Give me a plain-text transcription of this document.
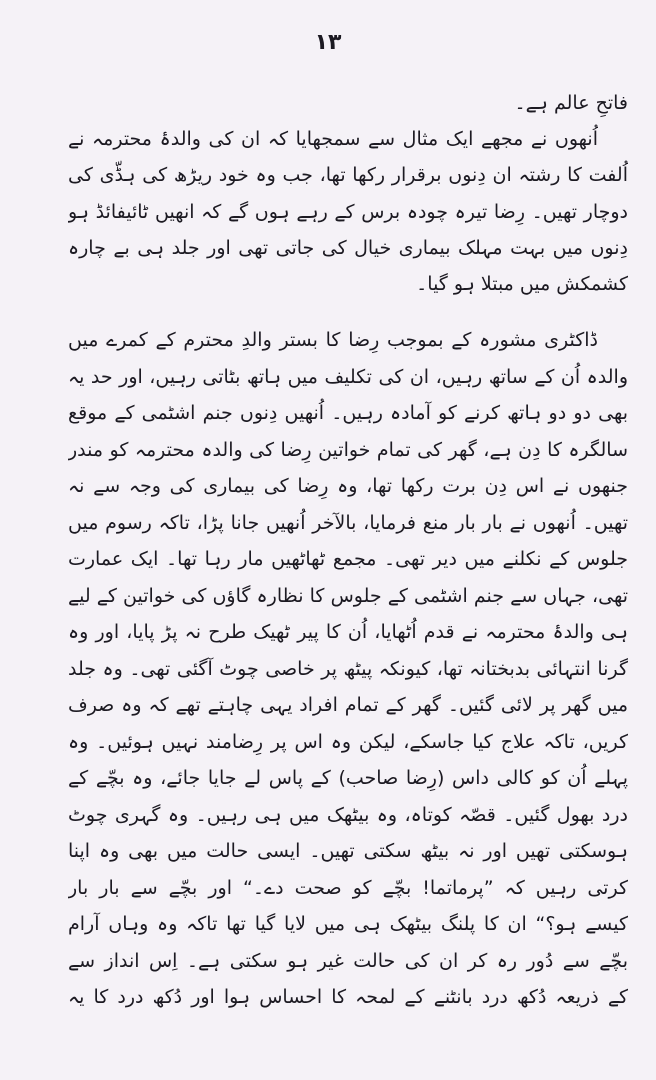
۱۳
فاتحِ عالم ہے۔
اُنھوں نے مجھے ایک مثال سے سمجھایا کہ ان کی والدۂ محترمہ نے
اُلفت کا رشتہ ان دِنوں برقرار رکھا تھا، جب وہ خود ریڑھ کی ہڈّی کی
دوچار تھیں۔ رِضا تیرہ چودہ برس کے رہے ہوں گے کہ انھیں ٹائیفائڈ ہو
دِنوں میں بہت مہلک بیماری خیال کی جاتی تھی اور جلد ہی بے چارہ
کشمکش میں مبتلا ہو گیا۔
ڈاکٹری مشورہ کے بموجب رِضا کا بستر والدِ محترم کے کمرے میں
والدہ اُن کے ساتھ رہیں، ان کی تکلیف میں ہاتھ بٹاتی رہیں، اور حد یہ
بھی دو دو ہاتھ کرنے کو آمادہ رہیں۔ اُنھیں دِنوں جنم اشٹمی کے موقع
سالگرہ کا دِن ہے، گھر کی تمام خواتین رِضا کی والدہ محترمہ کو مندر
جنھوں نے اس دِن برت رکھا تھا، وہ رِضا کی بیماری کی وجہ سے نہ
تھیں۔ اُنھوں نے بار بار منع فرمایا، بالآخر اُنھیں جانا پڑا، تاکہ رسوم میں
جلوس کے نکلنے میں دیر تھی۔ مجمع ٹھاٹھیں مار رہا تھا۔ ایک عمارت
تھی، جہاں سے جنم اشٹمی کے جلوس کا نظارہ گاؤں کی خواتین کے لیے
ہی والدۂ محترمہ نے قدم اُٹھایا، اُن کا پیر ٹھیک طرح نہ پڑ پایا، اور وہ
گرنا انتہائی بدبختانہ تھا، کیونکہ پیٹھ پر خاصی چوٹ آگئی تھی۔ وہ جلد
میں گھر پر لائی گئیں۔ گھر کے تمام افراد یہی چاہتے تھے کہ وہ صرف
کریں، تاکہ علاج کیا جاسکے، لیکن وہ اس پر رِضامند نہیں ہوئیں۔ وہ
پہلے اُن کو کالی داس (رِضا صاحب) کے پاس لے جایا جائے، وہ بچّے کے
درد بھول گئیں۔ قصّہ کوتاہ، وہ بیٹھک میں ہی رہیں۔ وہ گہری چوٹ
ہوسکتی تھیں اور نہ بیٹھ سکتی تھیں۔ ایسی حالت میں بھی وہ اپنا
کرتی رہیں کہ ”پرماتما! بچّے کو صحت دے۔“ اور بچّے سے بار بار
کیسے ہو؟“ ان کا پلنگ بیٹھک ہی میں لایا گیا تھا تاکہ وہ وہاں آرام
بچّے سے دُور رہ کر ان کی حالت غیر ہو سکتی ہے۔ اِس انداز سے
کے ذریعہ دُکھ درد بانٹنے کے لمحہ کا احساس ہوا اور دُکھ درد کا یہ
